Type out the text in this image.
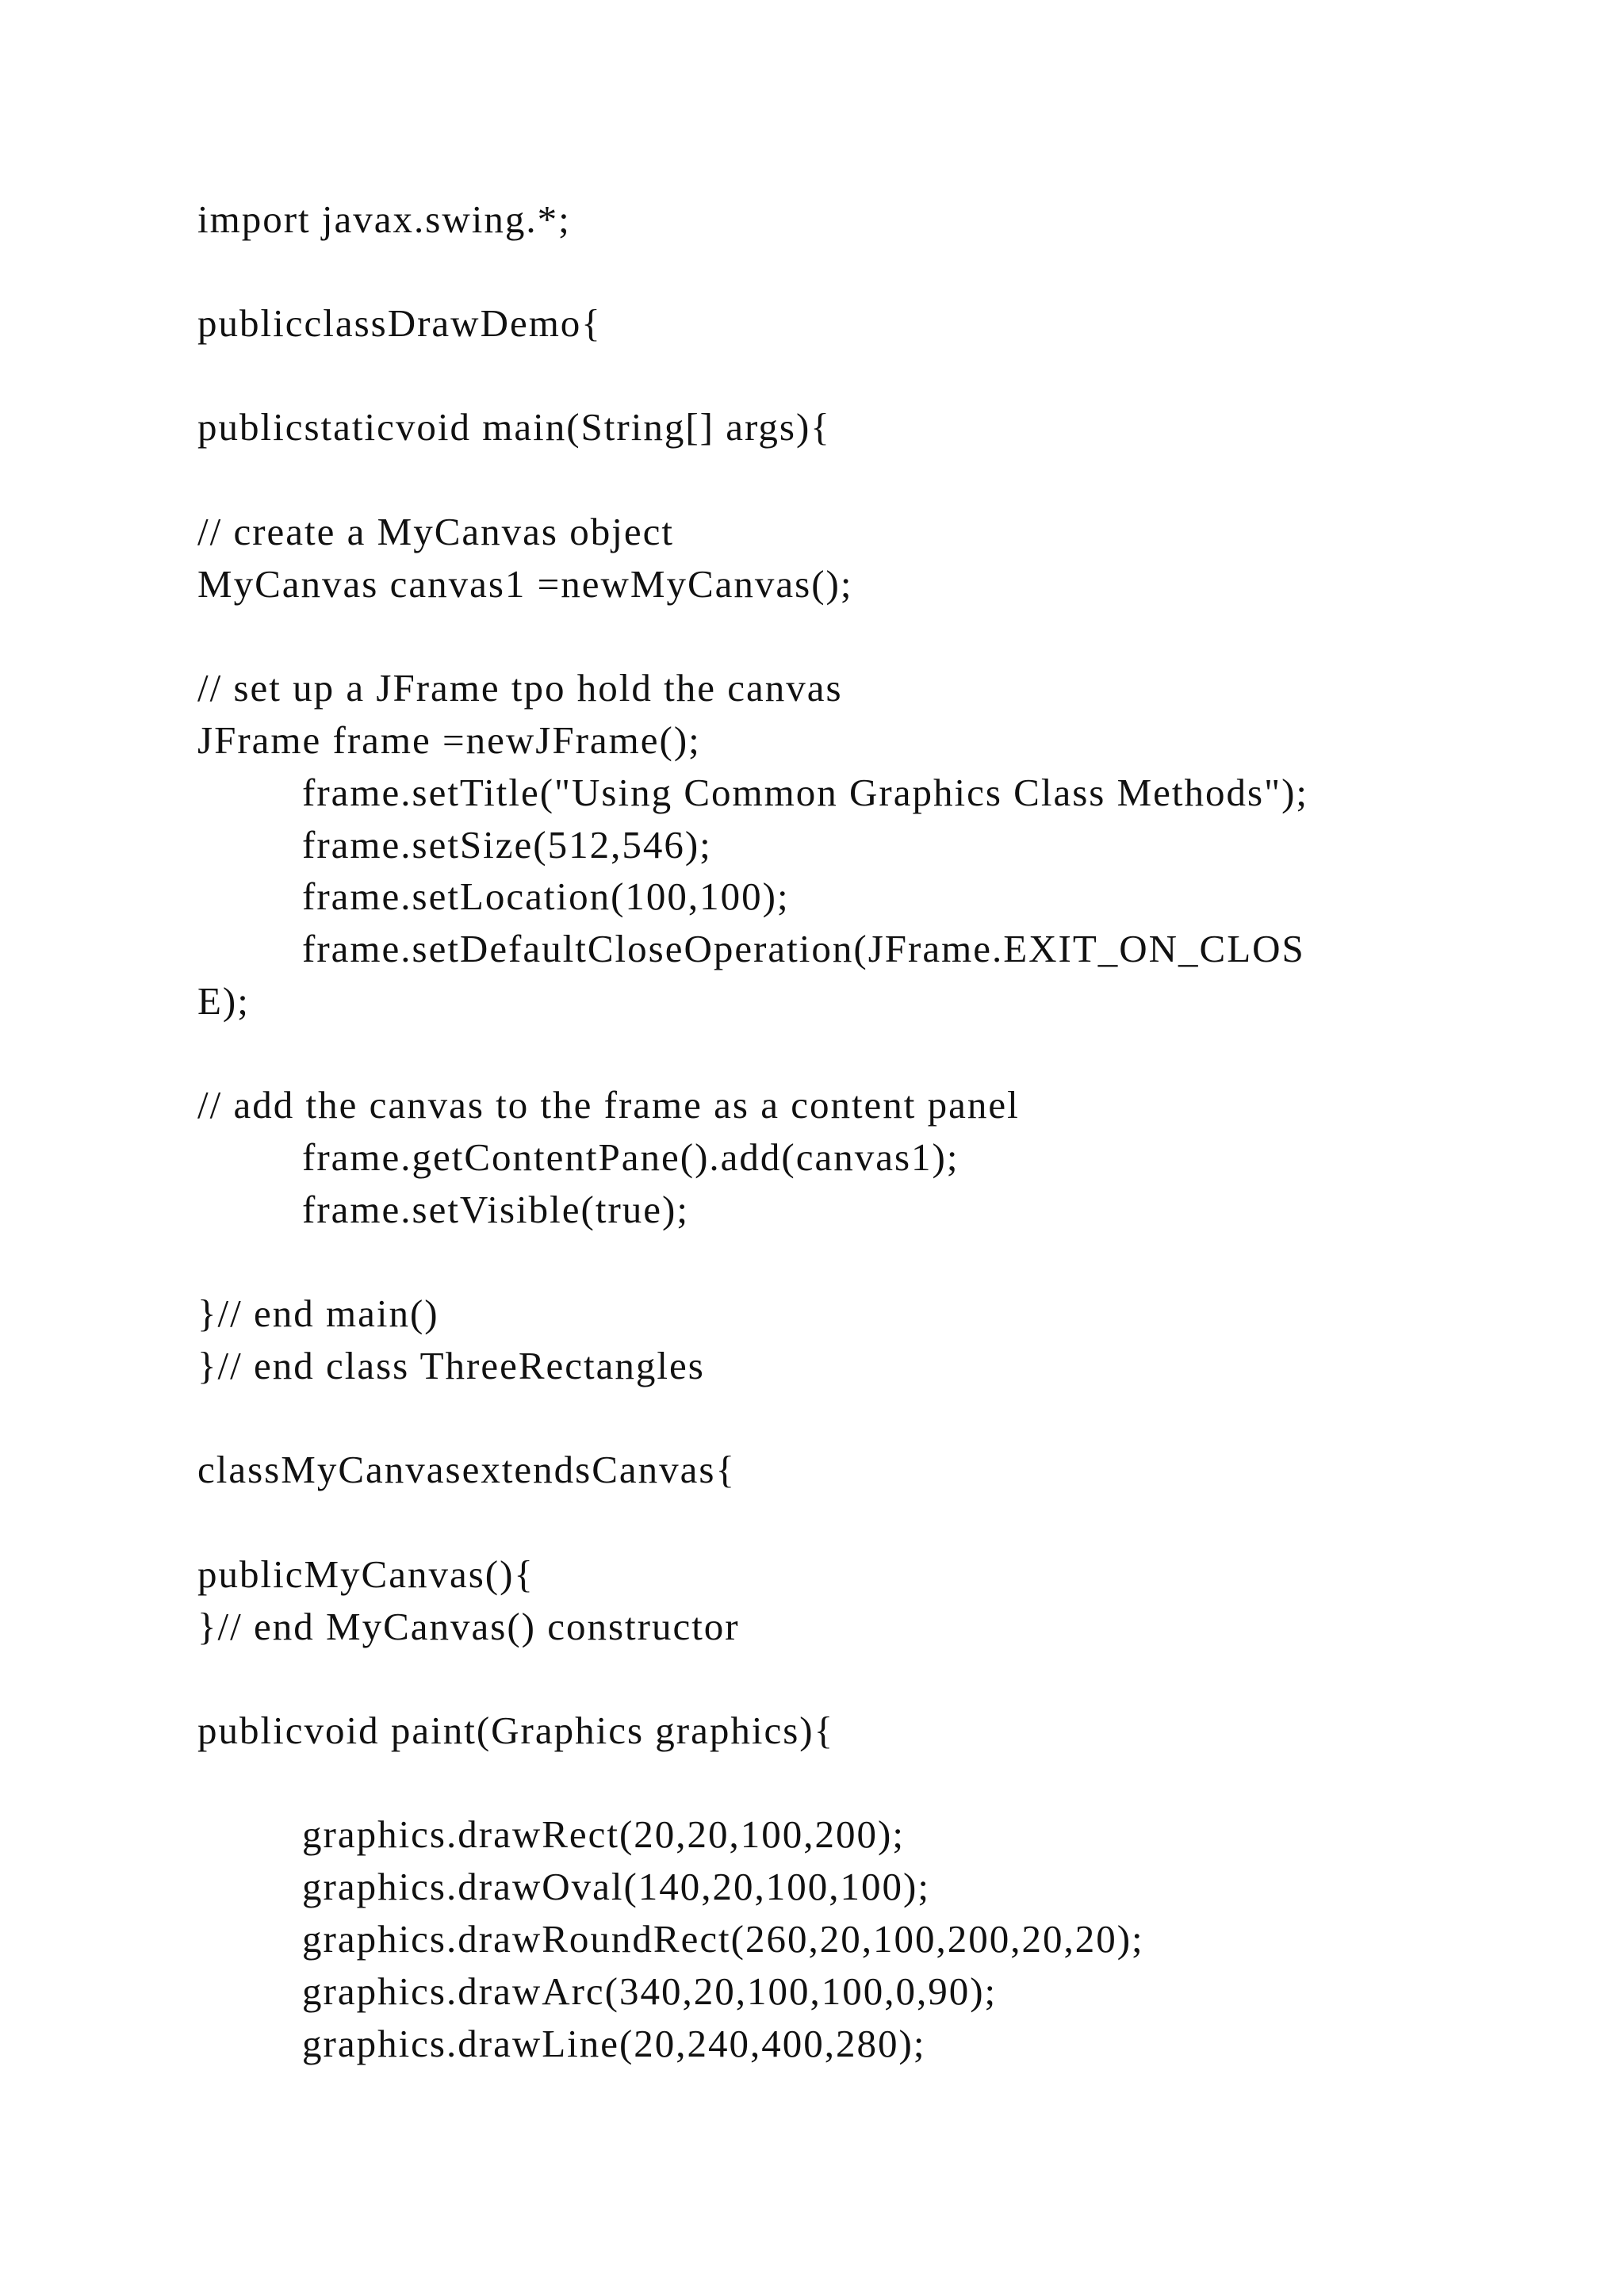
import javax.swing.*;

publicclassDrawDemo{

publicstaticvoid main(String[] args){

// create a MyCanvas object

MyCanvas canvas1 =newMyCanvas();

// set up a JFrame tpo hold the canvas

JFrame frame =newJFrame();

frame.setTitle("Using Common Graphics Class Methods");

frame.setSize(512,546);

frame.setLocation(100,100);

frame.setDefaultCloseOperation(JFrame.EXIT_ON_CLOS

E);

// add the canvas to the frame as a content panel

frame.getContentPane().add(canvas1);

frame.setVisible(true);

}// end main()

}// end class ThreeRectangles

classMyCanvasextendsCanvas{

publicMyCanvas(){

}// end MyCanvas() constructor

publicvoid paint(Graphics graphics){

graphics.drawRect(20,20,100,200);

graphics.drawOval(140,20,100,100);

graphics.drawRoundRect(260,20,100,200,20,20);

graphics.drawArc(340,20,100,100,0,90);

graphics.drawLine(20,240,400,280);
